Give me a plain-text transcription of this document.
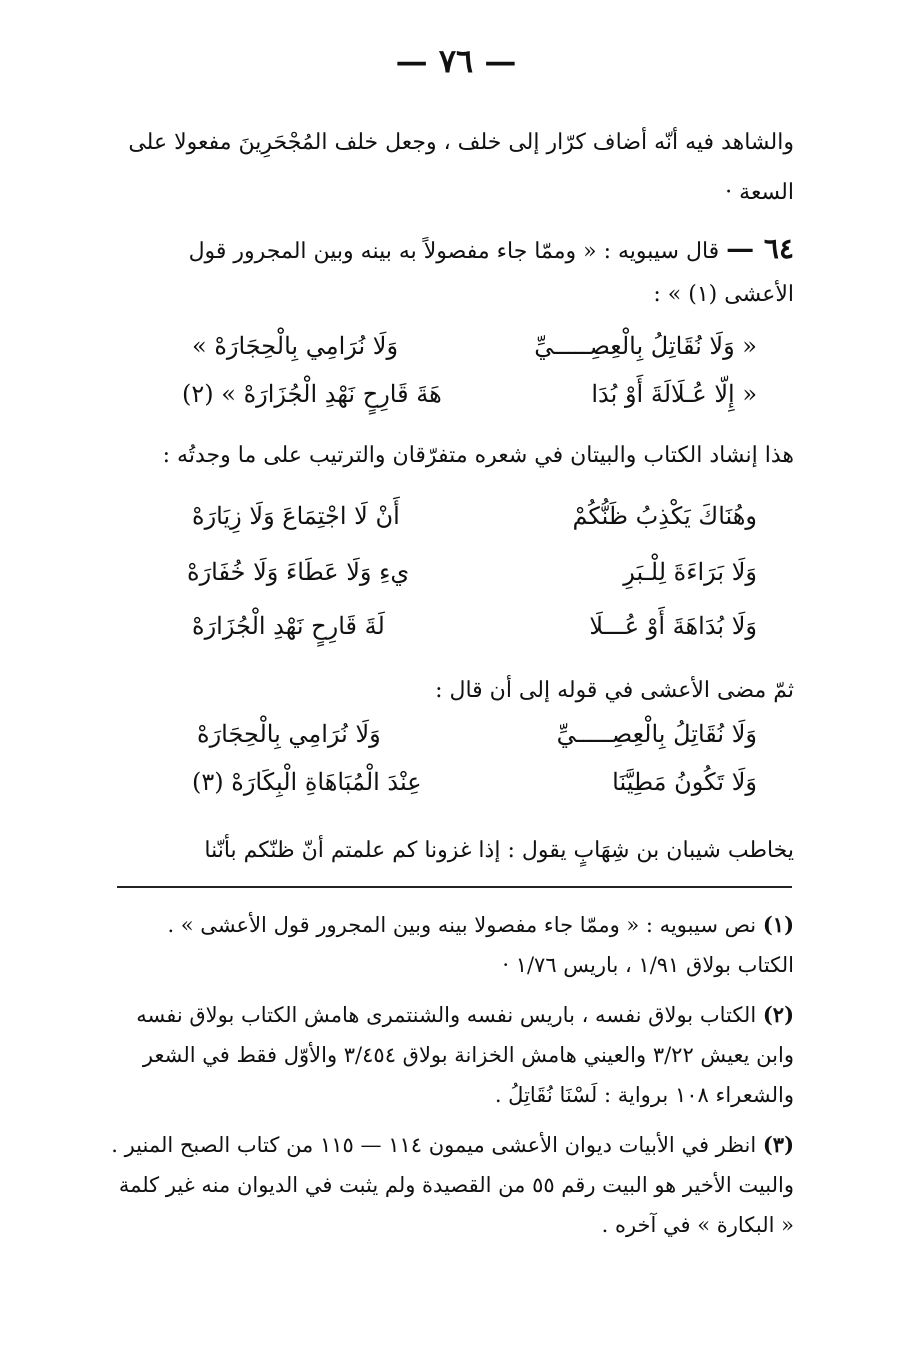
— ٧٦ —
والشاهد فيه أنّه أضاف كرّار إلى خلف ، وجعل خلف المُجْحَرِينَ مفعولا على السعة ·
٦٤ — قال سيبويه : « وممّا جاء مفصولاً به بينه وبين المجرور قول الأعشى (١) » :
« وَلَا نُقَاتِلُ بِالْعِصِـــــيِّ
وَلَا نُرَامِي بِالْحِجَارَهْ »
« إِلّا عُـلَالَةَ أَوْ بُدَا
هَةَ قَارِحٍ نَهْدِ الْجُزَارَهْ » (٢)
هذا إنشاد الكتاب والبيتان في شعره متفرّقان والترتيب على ما وجدتُه :
وهُنَاكَ يَكْذِبُ ظَنُّكُمْ
أَنْ لَا اجْتِمَاعَ وَلَا زِيَارَهْ
وَلَا بَرَاءَةَ لِلْـبَرِ
يءِ وَلَا عَطَاءَ وَلَا خُفَارَهْ
وَلَا بُدَاهَةَ أَوْ عُـــلَا
لَةَ قَارِحٍ نَهْدِ الْجُزَارَهْ
ثمّ مضى الأعشى في قوله إلى أن قال :
وَلَا نُقَاتِلُ بِالْعِصِـــــيِّ
وَلَا نُرَامِي بِالْحِجَارَهْ
وَلَا تَكُونُ مَطِيَّنَا
عِنْدَ الْمُبَاهَاةِ الْبِكَارَهْ (٣)
يخاطب شيبان بن شِهَابٍ يقول : إذا غزونا كم علمتم أنّ ظنّكم بأنّنا
(١) نص سيبويه : « وممّا جاء مفصولا بينه وبين المجرور قول الأعشى » . الكتاب بولاق ١/٩١ ، باريس ١/٧٦ ·
(٢) الكتاب بولاق نفسه ، باريس نفسه والشنتمرى هامش الكتاب بولاق نفسه وابن يعيش ٣/٢٢ والعيني هامش الخزانة بولاق ٣/٤٥٤ والأوّل فقط في الشعر والشعراء ١٠٨ برواية : لَسْنَا نُقَاتِلُ .
(٣) انظر في الأبيات ديوان الأعشى ميمون ١١٤ — ١١٥ من كتاب الصبح المنير . والبيت الأخير هو البيت رقم ٥٥ من القصيدة ولم يثبت في الديوان منه غير كلمة « البكارة » في آخره .
